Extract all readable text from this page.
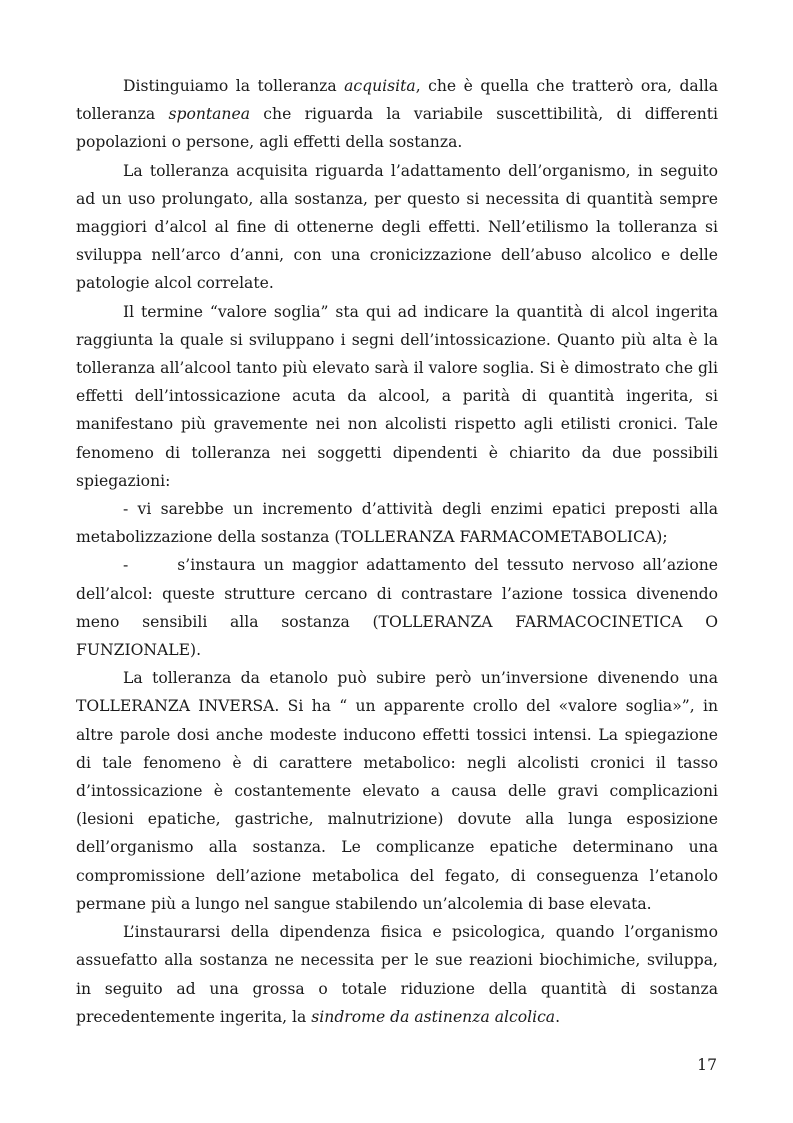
Distinguiamo la tolleranza acquisita, che è quella che tratterò ora, dalla tolleranza spontanea che riguarda la variabile suscettibilità, di differenti popolazioni o persone, agli effetti della sostanza.

La tolleranza acquisita riguarda l’adattamento dell’organismo, in seguito ad un uso prolungato, alla sostanza, per questo si necessita di quantità sempre maggiori d’alcol al fine di ottenerne degli effetti. Nell’etilismo la tolleranza si sviluppa nell’arco d’anni, con una cronicizzazione dell’abuso alcolico e delle patologie alcol correlate.

Il termine “valore soglia” sta qui ad indicare la quantità di alcol ingerita raggiunta la quale si sviluppano i segni dell’intossicazione. Quanto più alta è la tolleranza all’alcool tanto più elevato sarà il valore soglia. Si è dimostrato che gli effetti dell’intossicazione acuta da alcool, a parità di quantità ingerita, si manifestano più gravemente nei non alcolisti rispetto agli etilisti cronici. Tale fenomeno di tolleranza nei soggetti dipendenti è chiarito da due possibili spiegazioni:

- vi sarebbe un incremento d’attività degli enzimi epatici preposti alla metabolizzazione della sostanza (TOLLERANZA FARMACOMETABOLICA);

-      s’instaura un maggior adattamento del tessuto nervoso all’azione dell’alcol: queste strutture cercano di contrastare l’azione tossica divenendo meno sensibili alla sostanza (TOLLERANZA FARMACOCINETICA O FUNZIONALE).

La tolleranza da etanolo può subire però un’inversione divenendo una TOLLERANZA INVERSA. Si ha “ un apparente crollo del «valore soglia»”, in altre parole dosi anche modeste inducono effetti tossici intensi. La spiegazione di tale fenomeno è di carattere metabolico: negli alcolisti cronici il tasso d’intossicazione è costantemente elevato a causa delle gravi complicazioni (lesioni epatiche, gastriche, malnutrizione) dovute alla lunga esposizione dell’organismo alla sostanza. Le complicanze epatiche determinano una compromissione dell’azione metabolica del fegato, di conseguenza l’etanolo permane più a lungo nel sangue stabilendo un’alcolemia di base elevata.

L’instaurarsi della dipendenza fisica e psicologica, quando l’organismo assuefatto alla sostanza ne necessita per le sue reazioni biochimiche, sviluppa, in seguito ad una grossa o totale riduzione della quantità di sostanza precedentemente ingerita, la sindrome da astinenza alcolica.

17
